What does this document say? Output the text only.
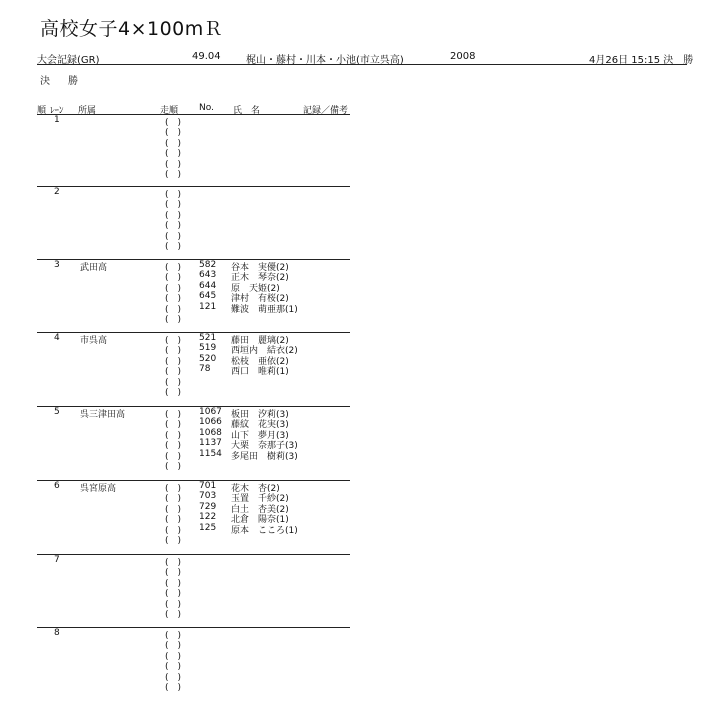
高校女子4×100mＲ
大会記録(GR)	49.04	梶山・藤村・川本・小池(市立呉高)	2008	4月26日 15:15 決　勝
決　勝
順 ﾚｰﾝ 所属	走順 No. 氏　名	記録／備考
1	(　)
(　)
(　)
(　)
(　)
(　)
2	(　)
(　)
(　)
(　)
(　)
(　)
3 武田高	(　) 582 谷本　実優(2)
(　) 643 正木　琴奈(2)
(　) 644 原　天姫(2)
(　) 645 津村　有桜(2)
(　) 121 難波　萌亜那(1)
(　)
4 市呉高	(　) 521 藤田　麗璃(2)
(　) 519 西垣内　結衣(2)
(　) 520 松枝　亜依(2)
(　) 78 西口　唯莉(1)
(　)
(　)
5 呉三津田高	(　) 1067 板田　汐莉(3)
(　) 1066 藤紋　花実(3)
(　) 1068 山下　夢月(3)
(　) 1137 大栗　奈那子(3)
(　) 1154 多尾田　樹莉(3)
(　)
6 呉宮原高	(　) 701 花木　杏(2)
(　) 703 玉置　千紗(2)
(　) 729 白土　杏美(2)
(　) 122 北倉　陽奈(1)
(　) 125 原本　こころ(1)
(　)
7	(　)
(　)
(　)
(　)
(　)
(　)
8	(　)
(　)
(　)
(　)
(　)
(　)
